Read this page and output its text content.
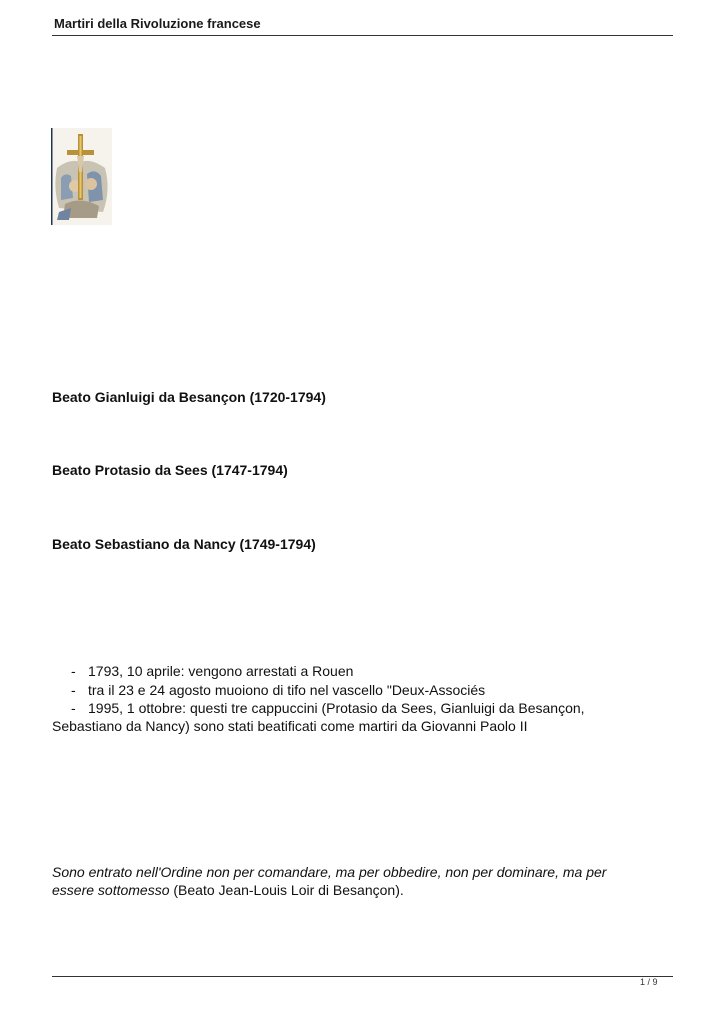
Martiri della Rivoluzione francese
Beato Gianluigi da Besançon (1720-1794)
Beato Protasio da Sees (1747-1794)
Beato Sebastiano da Nancy (1749-1794)
- 1793, 10 aprile: vengono arrestati a Rouen
- tra il 23 e 24 agosto muoiono di tifo nel vascello "Deux-Associés
- 1995, 1 ottobre: questi tre cappuccini (Protasio da Sees, Gianluigi da Besançon,
Sebastiano da Nancy) sono stati beatificati come martiri da Giovanni Paolo II
Sono entrato nell'Ordine non per comandare, ma per obbedire, non per dominare, ma per essere sottomesso (Beato Jean-Louis Loir di Besançon).
1 / 9
